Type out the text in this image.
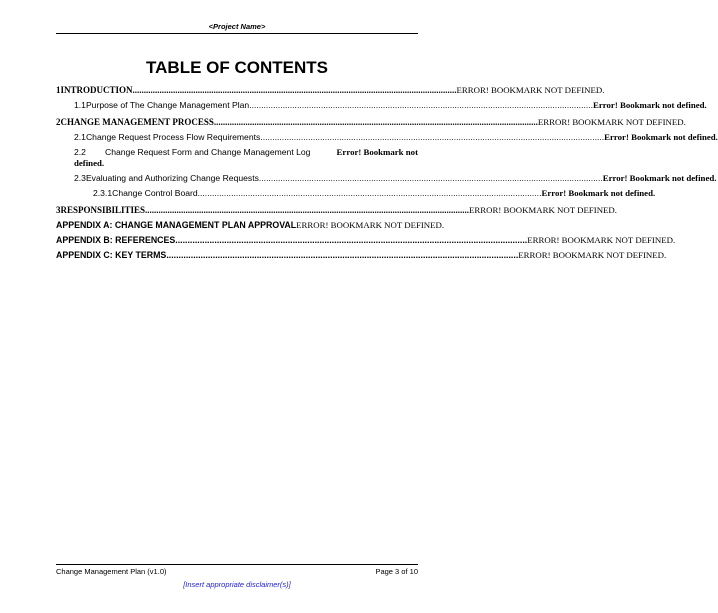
<Project Name>
TABLE OF CONTENTS
1 INTRODUCTION .....	ERROR! BOOKMARK NOT DEFINED.
1.1 Purpose of The Change Management Plan .....	Error! Bookmark not defined.
2 CHANGE MANAGEMENT PROCESS .....	ERROR! BOOKMARK NOT DEFINED.
2.1 Change Request Process Flow Requirements .....	Error! Bookmark not defined.
2.2	Change Request Form and Change Management Log	Error! Bookmark not
defined.
2.3 Evaluating and Authorizing Change Requests .....	Error! Bookmark not defined.
2.3.1 Change Control Board .....	Error! Bookmark not defined.
3 RESPONSIBILITIES .....	ERROR! BOOKMARK NOT DEFINED.
APPENDIX A: CHANGE MANAGEMENT PLAN APPROVAL ERROR! BOOKMARK NOT DEFINED.
APPENDIX B: REFERENCES .....	ERROR! BOOKMARK NOT DEFINED.
APPENDIX C: KEY TERMS .....	ERROR! BOOKMARK NOT DEFINED.
Change Management Plan (v1.0)	Page 3 of 10
[Insert appropriate disclaimer(s)]
